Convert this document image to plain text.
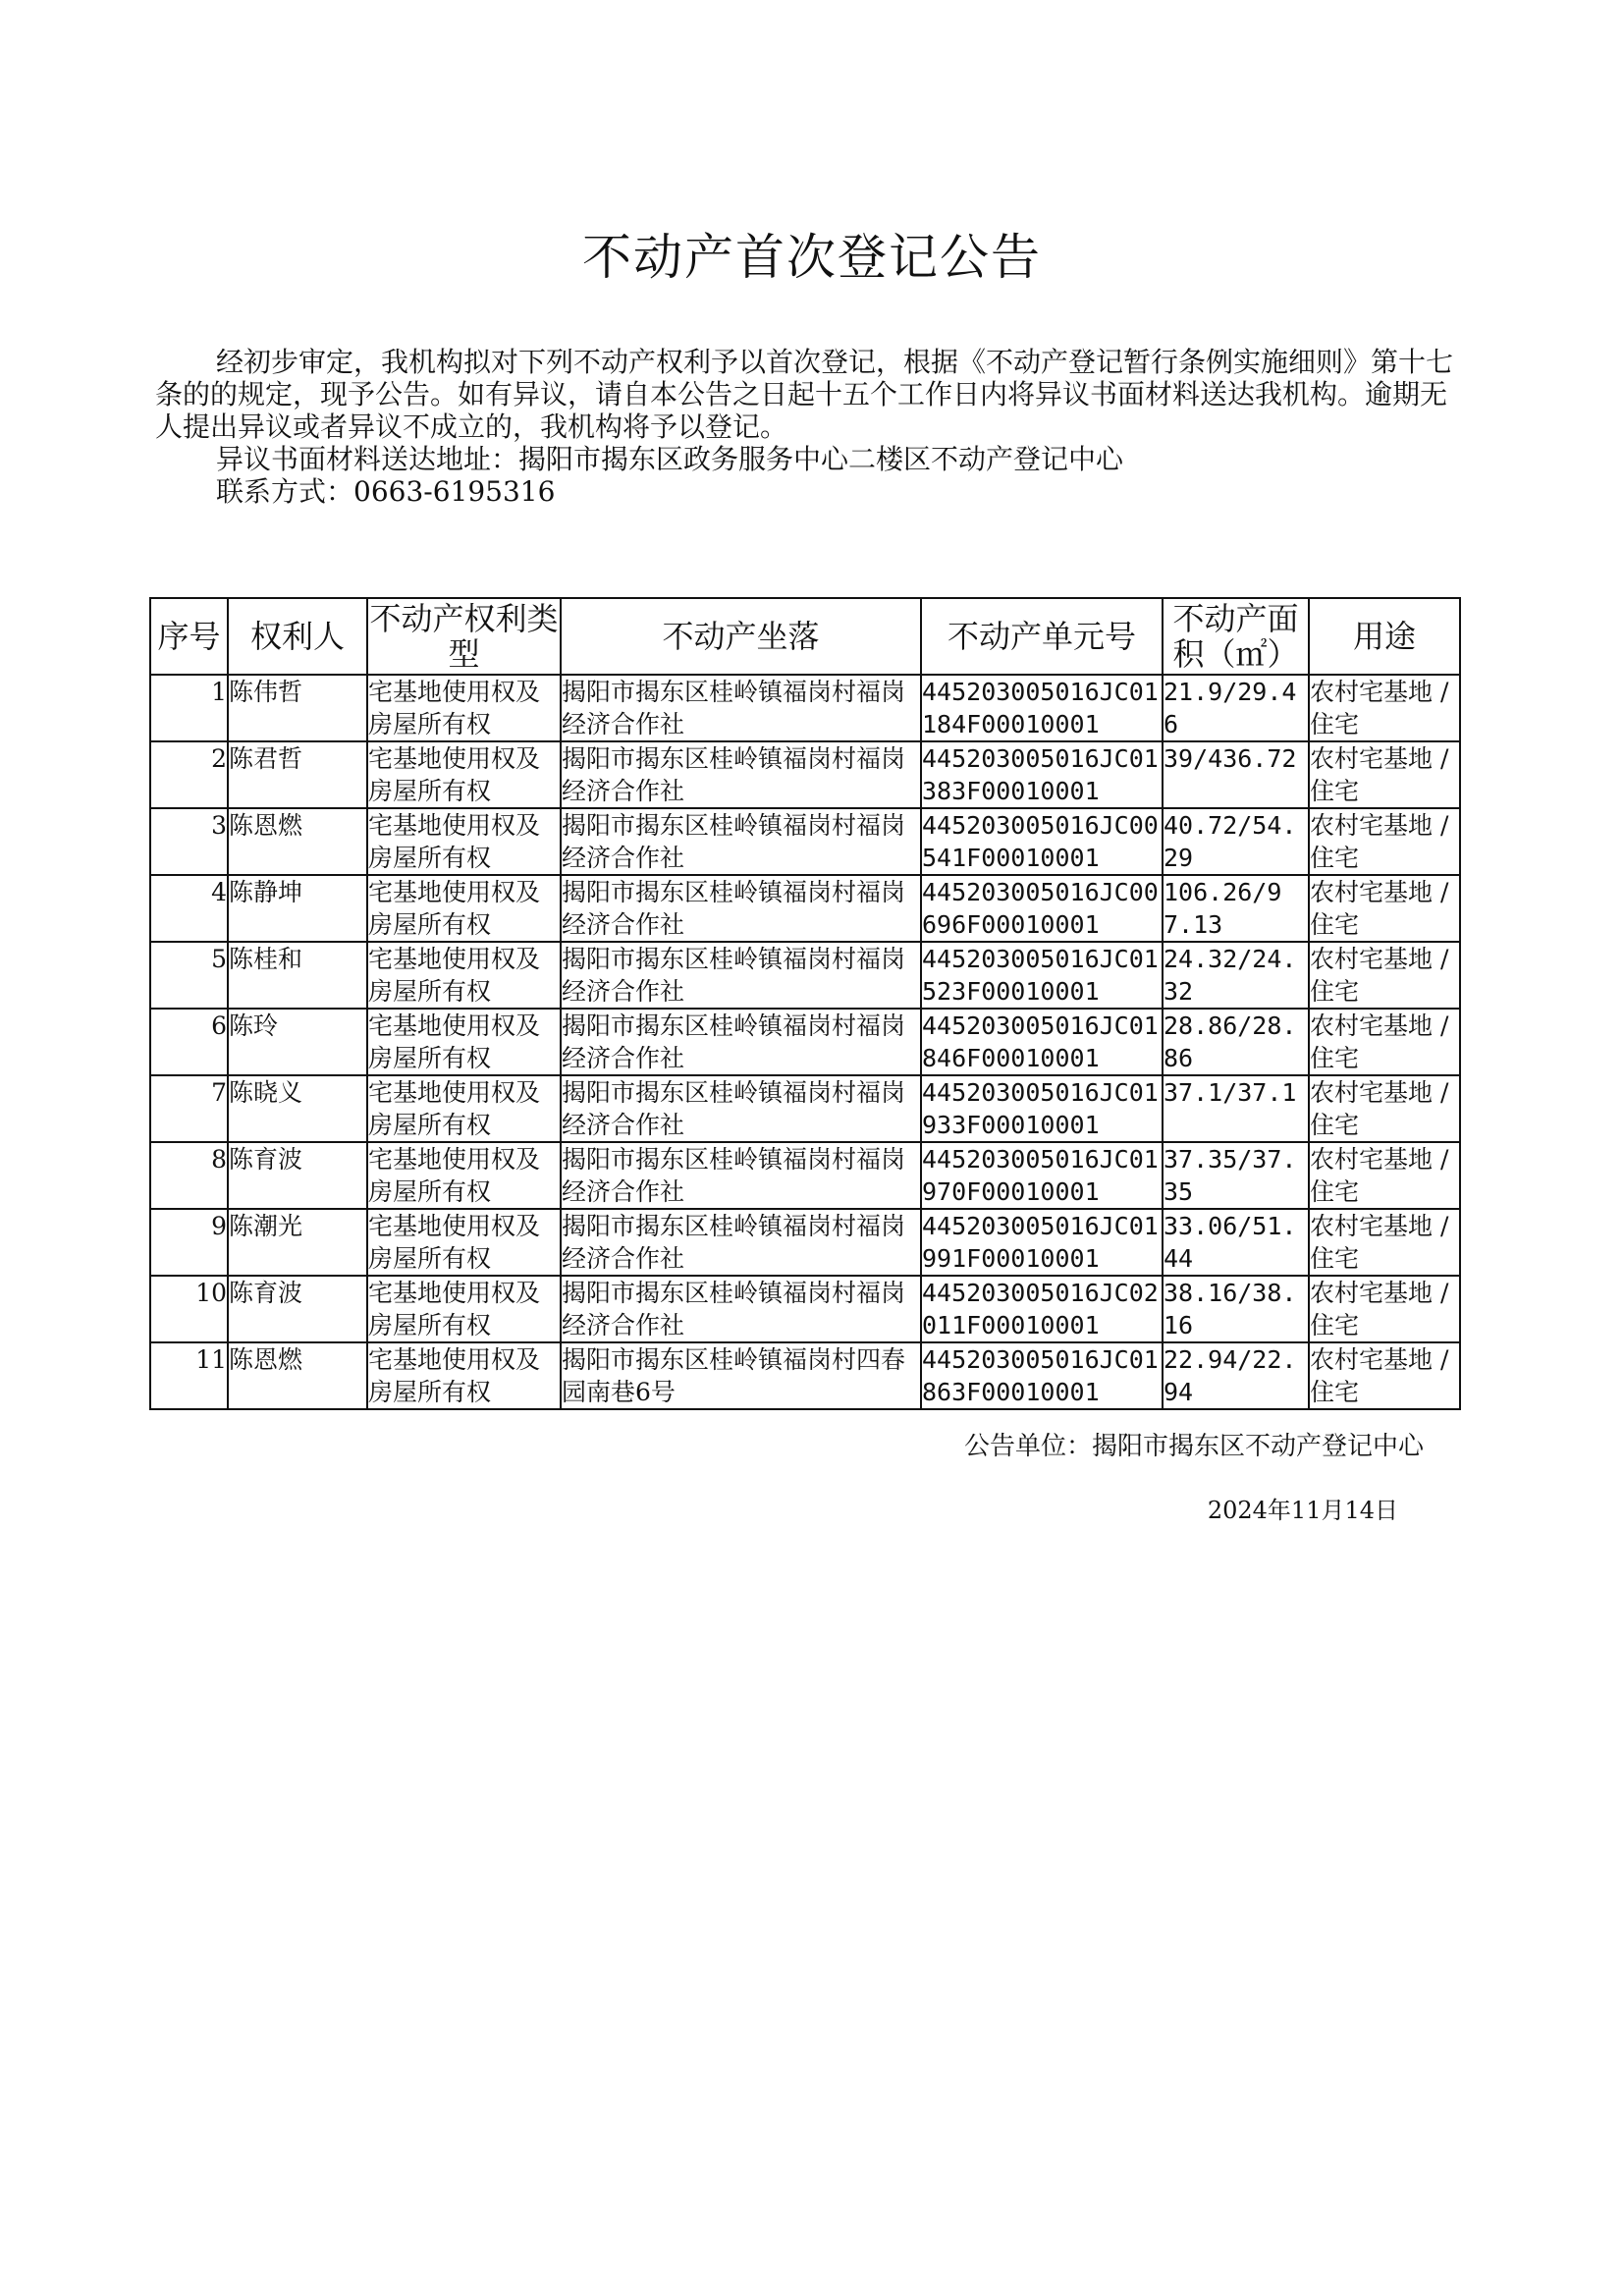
不动产首次登记公告

经初步审定，我机构拟对下列不动产权利予以首次登记，根据《不动产登记暂行条例实施细则》第十七条的的规定，现予公告。如有异议，请自本公告之日起十五个工作日内将异议书面材料送达我机构。逾期无人提出异议或者异议不成立的，我机构将予以登记。

异议书面材料送达地址：揭阳市揭东区政务服务中心二楼区不动产登记中心
联系方式：0663-6195316
序号	权利人	不动产权利类型	不动产坐落	不动产单元号	不动产面积（㎡）	用途
1	陈伟哲	宅基地使用权及房屋所有权	揭阳市揭东区桂岭镇福岗村福岗经济合作社	445203005016JC01184F00010001	21.9/29.46	农村宅基地 / 住宅
2	陈君哲	宅基地使用权及房屋所有权	揭阳市揭东区桂岭镇福岗村福岗经济合作社	445203005016JC01383F00010001	39/436.72	农村宅基地 / 住宅
3	陈恩燃	宅基地使用权及房屋所有权	揭阳市揭东区桂岭镇福岗村福岗经济合作社	445203005016JC00541F00010001	40.72/54.29	农村宅基地 / 住宅
4	陈静坤	宅基地使用权及房屋所有权	揭阳市揭东区桂岭镇福岗村福岗经济合作社	445203005016JC00696F00010001	106.26/97.13	农村宅基地 / 住宅
5	陈桂和	宅基地使用权及房屋所有权	揭阳市揭东区桂岭镇福岗村福岗经济合作社	445203005016JC01523F00010001	24.32/24.32	农村宅基地 / 住宅
6	陈玲	宅基地使用权及房屋所有权	揭阳市揭东区桂岭镇福岗村福岗经济合作社	445203005016JC01846F00010001	28.86/28.86	农村宅基地 / 住宅
7	陈晓义	宅基地使用权及房屋所有权	揭阳市揭东区桂岭镇福岗村福岗经济合作社	445203005016JC01933F00010001	37.1/37.1	农村宅基地 / 住宅
8	陈育波	宅基地使用权及房屋所有权	揭阳市揭东区桂岭镇福岗村福岗经济合作社	445203005016JC01970F00010001	37.35/37.35	农村宅基地 / 住宅
9	陈潮光	宅基地使用权及房屋所有权	揭阳市揭东区桂岭镇福岗村福岗经济合作社	445203005016JC01991F00010001	33.06/51.44	农村宅基地 / 住宅
10	陈育波	宅基地使用权及房屋所有权	揭阳市揭东区桂岭镇福岗村福岗经济合作社	445203005016JC02011F00010001	38.16/38.16	农村宅基地 / 住宅
11	陈恩燃	宅基地使用权及房屋所有权	揭阳市揭东区桂岭镇福岗村四春园南巷6号	445203005016JC01863F00010001	22.94/22.94	农村宅基地 / 住宅
公告单位：揭阳市揭东区不动产登记中心
2024年11月14日
